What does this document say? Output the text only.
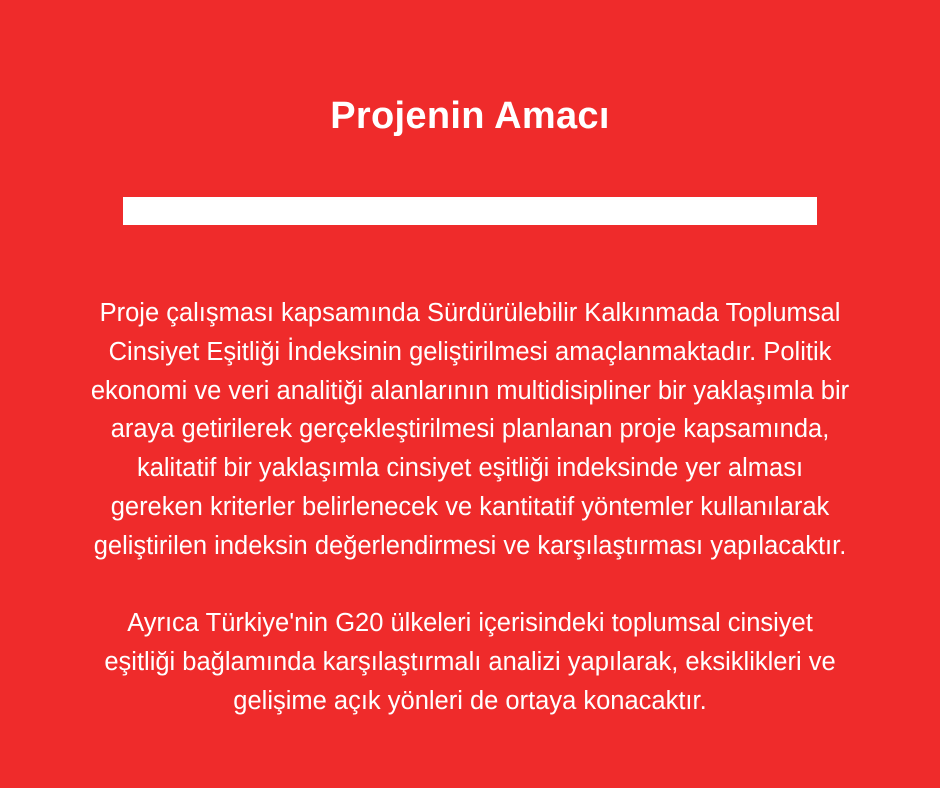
Projenin Amacı

Proje çalışması kapsamında Sürdürülebilir Kalkınmada Toplumsal Cinsiyet Eşitliği İndeksinin geliştirilmesi amaçlanmaktadır. Politik ekonomi ve veri analitiği alanlarının multidisipliner bir yaklaşımla bir araya getirilerek gerçekleştirilmesi planlanan proje kapsamında, kalitatif bir yaklaşımla cinsiyet eşitliği indeksinde yer alması gereken kriterler belirlenecek ve kantitatif yöntemler kullanılarak geliştirilen indeksin değerlendirmesi ve karşılaştırması yapılacaktır.

Ayrıca Türkiye'nin G20 ülkeleri içerisindeki toplumsal cinsiyet eşitliği bağlamında karşılaştırmalı analizi yapılarak, eksiklikleri ve gelişime açık yönleri de ortaya konacaktır.
